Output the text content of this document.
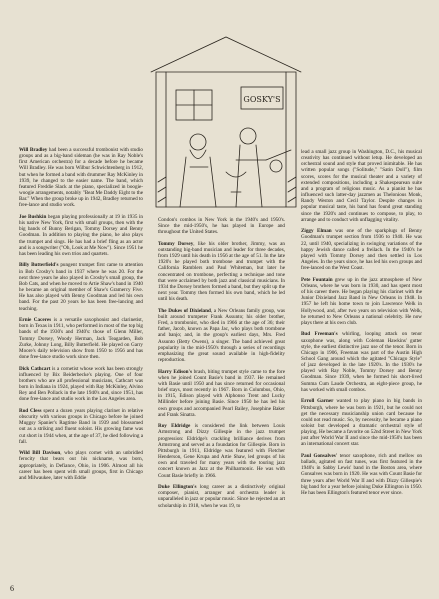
GOSKY'S

Will Bradley had been a successful trombonist with studio groups and as a big-band sideman (he was in Ray Noble's first American orchestra) for a decade before he became Will Bradley. He was born Wilbur Schwichtenberg in 1912, but when he formed a band with drummer Ray McKinley in 1939, he changed to the easier name. The band, which featured Freddie Slack at the piano, specialized in boogie-woogie arrangements, notably "Beat Me Daddy Eight to the Bar." When the group broke up in 1942, Bradley returned to free-lance and studio work.

Joe Bushkin began playing professionally at 19 in 1935 in his native New York, first with small groups, then with the big bands of Bunny Berigan, Tommy Dorsey and Benny Goodman. In addition to playing the piano, he also plays the trumpet and sings. He has had a brief fling as an actor and is a songwriter ("Oh, Look at Me Now"). Since 1951 he has been leading his own trios and quartets.

Billy Butterfield's pungent trumpet first came to attention in Bob Crosby's band in 1937 where he was 20. For the next three years he also played in Crosby's small group, the Bob Cats, and when he moved to Artie Shaw's band in 1940 he became an original member of Shaw's Gramercy Five. He has also played with Benny Goodman and led his own band. For the past 20 years he has been free-lancing and teaching.

Ernie Caceres is a versatile saxophonist and clarinetist, born in Texas in 1911, who performed in most of the top big bands of the 1930's and 1940's: those of Glenn Miller, Tommy Dorsey, Woody Herman, Jack Teagarden, Bob Zurke, Johnny Long, Billy Butterfield. He played on Garry Moore's daily television show from 1950 to 1956 and has done free-lance studio work since then.

Dick Cathcart is a cornetist whose work has been strongly influenced by Bix Beiderbecke's playing. One of four brothers who are all professional musicians, Cathcart was born in Indiana in 1924, played with Ray McKinley, Alvino Rey and Ben Pollack in the late 1940's and, since 1951, has done free-lance and studio work in the Los Angeles area.

Rod Cless spent a dozen years playing clarinet in relative obscurity with various groups in Chicago before he joined Muggsy Spanier's Ragtime Band in 1939 and blossomed out as a striking and fluent soloist. His growing fame was cut short in 1944 when, at the age of 37, he died following a fall.

Wild Bill Davison, who plays cornet with an unbridled ferocity that bears out his nickname, was born, appropriately, in Defiance, Ohio, in 1906. Almost all his career has been spent with small groups, first in Chicago and Milwaukee, later with Eddie

Condon's combos in New York in the 1940's and 1950's. Since the mid-1950's, he has played in Europe and throughout the United States.

Tommy Dorsey, like his older brother, Jimmy, was an outstanding big-band musician and leader for three decades, from 1929 until his death in 1956 at the age of 51. In the late 1920's he played both trombone and trumpet with the California Ramblers and Paul Whiteman, but later he concentrated on trombone, perfecting a technique and tone that were acclaimed by both jazz and classical musicians. In 1934 the Dorsey brothers formed a band, but they split up the next year. Tommy then formed his own band, which he led until his death.

The Dukes of Dixieland, a New Orleans family group, was built around trumpeter Frank Assunto; his older brother, Fred, a trombonist, who died in 1966 at the age of 36; their father, Jacob, known as Papa Jac, who plays both trombone and banjo; and, in the group's earliest days, Mrs. Fred Assunto (Betty Owens), a singer. The band achieved great popularity in the mid-1950's through a series of recordings emphasizing the great sound available in high-fidelity reproduction.

Harry Edison's brash, biting trumpet style came to the fore when he joined Count Basie's band in 1937. He remained with Basie until 1950 and has since returned for occasional brief stays, most recently in 1967. Born in Columbus, Ohio, in 1915, Edison played with Alphonso Trent and Lucky Millinder before joining Basie. Since 1950 he has led his own groups and accompanied Pearl Bailey, Josephine Baker and Frank Sinatra.

Roy Eldridge is considered the link between Louis Armstrong and Dizzy Gillespie in the jazz trumpet progression: Eldridge's crackling brilliance derives from Armstrong and served as a foundation for Gillespie. Born in Pittsburgh in 1911, Eldridge was featured with Fletcher Henderson, Gene Krupa and Artie Shaw, led groups of his own and traveled for many years with the touring jazz concert known as Jazz at the Philharmonic. He was with Count Basie briefly in 1966.

Duke Ellington's long career as a distinctively original composer, pianist, arranger and orchestra leader is unparalleled in jazz or popular music. Since he rejected an art scholarship in 1918, when he was 19, to

lead a small jazz group in Washington, D.C., his musical creativity has continued without letup. He developed an orchestral sound and style that proved inimitable. He has written popular songs ("Solitude," "Satin Doll"), film scores, scores for the musical theater and a variety of extended compositions, including a Shakespearean suite and a program of religious music. As a pianist he has influenced such latter-day jazzmen as Thelonious Monk, Randy Weston and Cecil Taylor. Despite changes in popular musical taste, his band has found great standing since the 1920's and continues to compose, to play, to arrange and to conduct with unflagging vitality.

Ziggy Elman was one of the sparkplugs of Benny Goodman's trumpet section from 1936 to 1940. He was 22, until 1940, specializing in swinging variations of the happy Jewish dance called a freilach. In the 1940's he played with Tommy Dorsey and then settled in Los Angeles. In the years since, he has led his own groups and free-lanced on the West Coast.

Pete Fountain grew up in the jazz atmosphere of New Orleans, where he was born in 1930, and has spent most of his career there. He began playing his clarinet with the Junior Dixieland Jazz Band in New Orleans in 1948. In 1957 he left his home town to join Lawrence Welk in Hollywood, and, after two years on television with Welk, he returned to New Orleans a national celebrity. He now plays there at his own club.

Bud Freeman's whirling, looping attack on tenor saxophone was, along with Coleman Hawkins' gutter style, the earliest distinctive jazz use of the tenor. Born in Chicago in 1906, Freeman was part of the Austin High School Gang around which the agitated "Chicago Style" of jazz developed in the late 1920's. In the 1930's he played with Ray Noble, Tommy Dorsey and Benny Goodman. Since 1939, when he formed his short-lived Summa Cum Laude Orchestra, an eight-piece group, he has worked with small combos.

Erroll Garner wanted to play piano in big bands in Pittsburgh, where he was born in 1921, but he could not get the necessary musicianship union card because he could not read music. So, by necessity, he became a piano soloist but developed a dramatic orchestral style of playing. He became a favorite on 52nd Street in New York just after World War II and since the mid-1950's has been an international concert star.

Paul Gonsalves' tenor saxophone, rich and mellow on ballads, agitated on fast tunes, was first featured in the 1940's in Sabby Lewis' band in the Boston area, where Gonsalves was born in 1920. He was with Count Basie for three years after World War II and with Dizzy Gillespie's big band for a year before joining Duke Ellington in 1950. He has been Ellington's featured tenor ever since.

6
